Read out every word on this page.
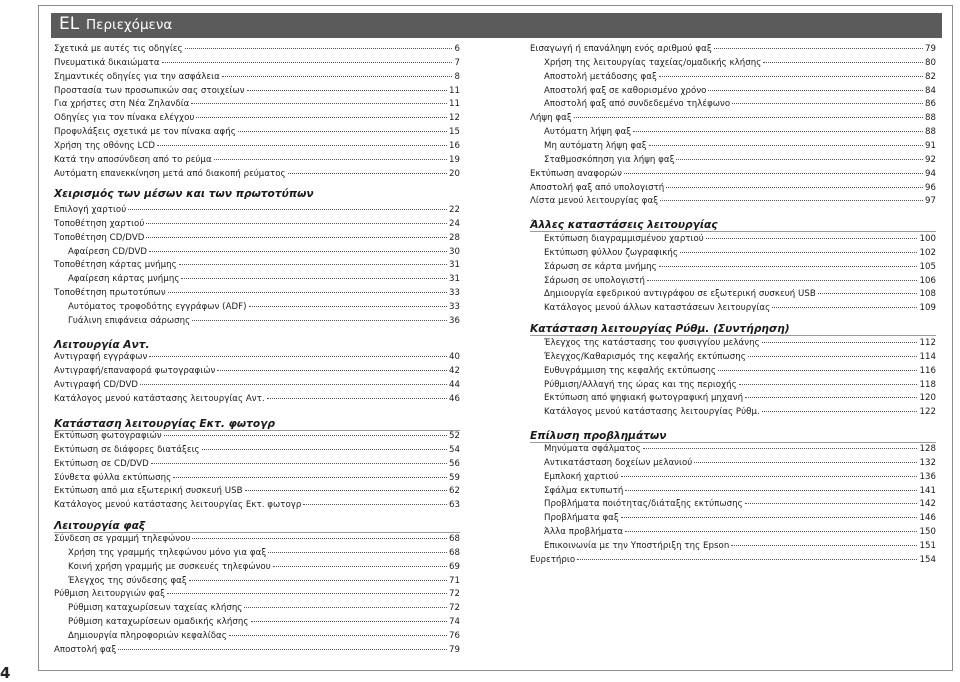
4
EL Περιεχόμενα
Σχετικά με αυτές τις οδηγίες	6
Πνευματικά δικαιώματα	7
Σημαντικές οδηγίες για την ασφάλεια	8
Προστασία των προσωπικών σας στοιχείων	11
Για χρήστες στη Νέα Ζηλανδία	11
Οδηγίες για τον πίνακα ελέγχου	12
Προφυλάξεις σχετικά με τον πίνακα αφής	15
Χρήση της οθόνης LCD	16
Κατά την αποσύνδεση από το ρεύμα	19
Αυτόματη επανεκκίνηση μετά από διακοπή ρεύματος	20
Χειρισμός των μέσων και των πρωτοτύπων
Επιλογή χαρτιού	22
Τοποθέτηση χαρτιού	24
Τοποθέτηση CD/DVD	28
Αφαίρεση CD/DVD	30
Τοποθέτηση κάρτας μνήμης	31
Αφαίρεση κάρτας μνήμης	31
Τοποθέτηση πρωτοτύπων	33
Αυτόματος τροφοδότης εγγράφων (ADF)	33
Γυάλινη επιφάνεια σάρωσης	36
Λειτουργία Αντ.
Αντιγραφή εγγράφων	40
Αντιγραφή/επαναφορά φωτογραφιών	42
Αντιγραφή CD/DVD	44
Κατάλογος μενού κατάστασης λειτουργίας Αντ.	46
Κατάσταση λειτουργίας Εκτ. φωτογρ
Εκτύπωση φωτογραφιών	52
Εκτύπωση σε διάφορες διατάξεις	54
Εκτύπωση σε CD/DVD	56
Σύνθετα φύλλα εκτύπωσης	59
Εκτύπωση από μια εξωτερική συσκευή USB	62
Κατάλογος μενού κατάστασης λειτουργίας Εκτ. φωτογρ	63
Λειτουργία φαξ
Σύνδεση σε γραμμή τηλεφώνου	68
Χρήση της γραμμής τηλεφώνου μόνο για φαξ	68
Κοινή χρήση γραμμής με συσκευές τηλεφώνου	69
Έλεγχος της σύνδεσης φαξ	71
Ρύθμιση λειτουργιών φαξ	72
Ρύθμιση καταχωρίσεων ταχείας κλήσης	72
Ρύθμιση καταχωρίσεων ομαδικής κλήσης	74
Δημιουργία πληροφοριών κεφαλίδας	76
Αποστολή φαξ	79
Εισαγωγή ή επανάληψη ενός αριθμού φαξ	79
Χρήση της λειτουργίας ταχείας/ομαδικής κλήσης	80
Αποστολή μετάδοσης φαξ	82
Αποστολή φαξ σε καθορισμένο χρόνο	84
Αποστολή φαξ από συνδεδεμένο τηλέφωνο	86
Λήψη φαξ	88
Αυτόματη λήψη φαξ	88
Μη αυτόματη λήψη φαξ	91
Σταθμοσκόπηση για λήψη φαξ	92
Εκτύπωση αναφορών	94
Αποστολή φαξ από υπολογιστή	96
Λίστα μενού λειτουργίας φαξ	97
Άλλες καταστάσεις λειτουργίας
Εκτύπωση διαγραμμισμένου χαρτιού	100
Εκτύπωση φύλλου ζωγραφικής	102
Σάρωση σε κάρτα μνήμης	105
Σάρωση σε υπολογιστή	106
Δημιουργία εφεδρικού αντιγράφου σε εξωτερική συσκευή USB	108
Κατάλογος μενού άλλων καταστάσεων λειτουργίας	109
Κατάσταση λειτουργίας Ρύθμ. (Συντήρηση)
Έλεγχος της κατάστασης του φυσιγγίου μελάνης	112
Έλεγχος/Καθαρισμός της κεφαλής εκτύπωσης	114
Ευθυγράμμιση της κεφαλής εκτύπωσης	116
Ρύθμιση/Αλλαγή της ώρας και της περιοχής	118
Εκτύπωση από ψηφιακή φωτογραφική μηχανή	120
Κατάλογος μενού κατάστασης λειτουργίας Ρύθμ.	122
Επίλυση προβλημάτων
Μηνύματα σφάλματος	128
Αντικατάσταση δοχείων μελανιού	132
Εμπλοκή χαρτιού	136
Σφάλμα εκτυπωτή	141
Προβλήματα ποιότητας/διάταξης εκτύπωσης	142
Προβλήματα φαξ	146
Άλλα προβλήματα	150
Επικοινωνία με την Υποστήριξη της Epson	151
Ευρετήριο	154
